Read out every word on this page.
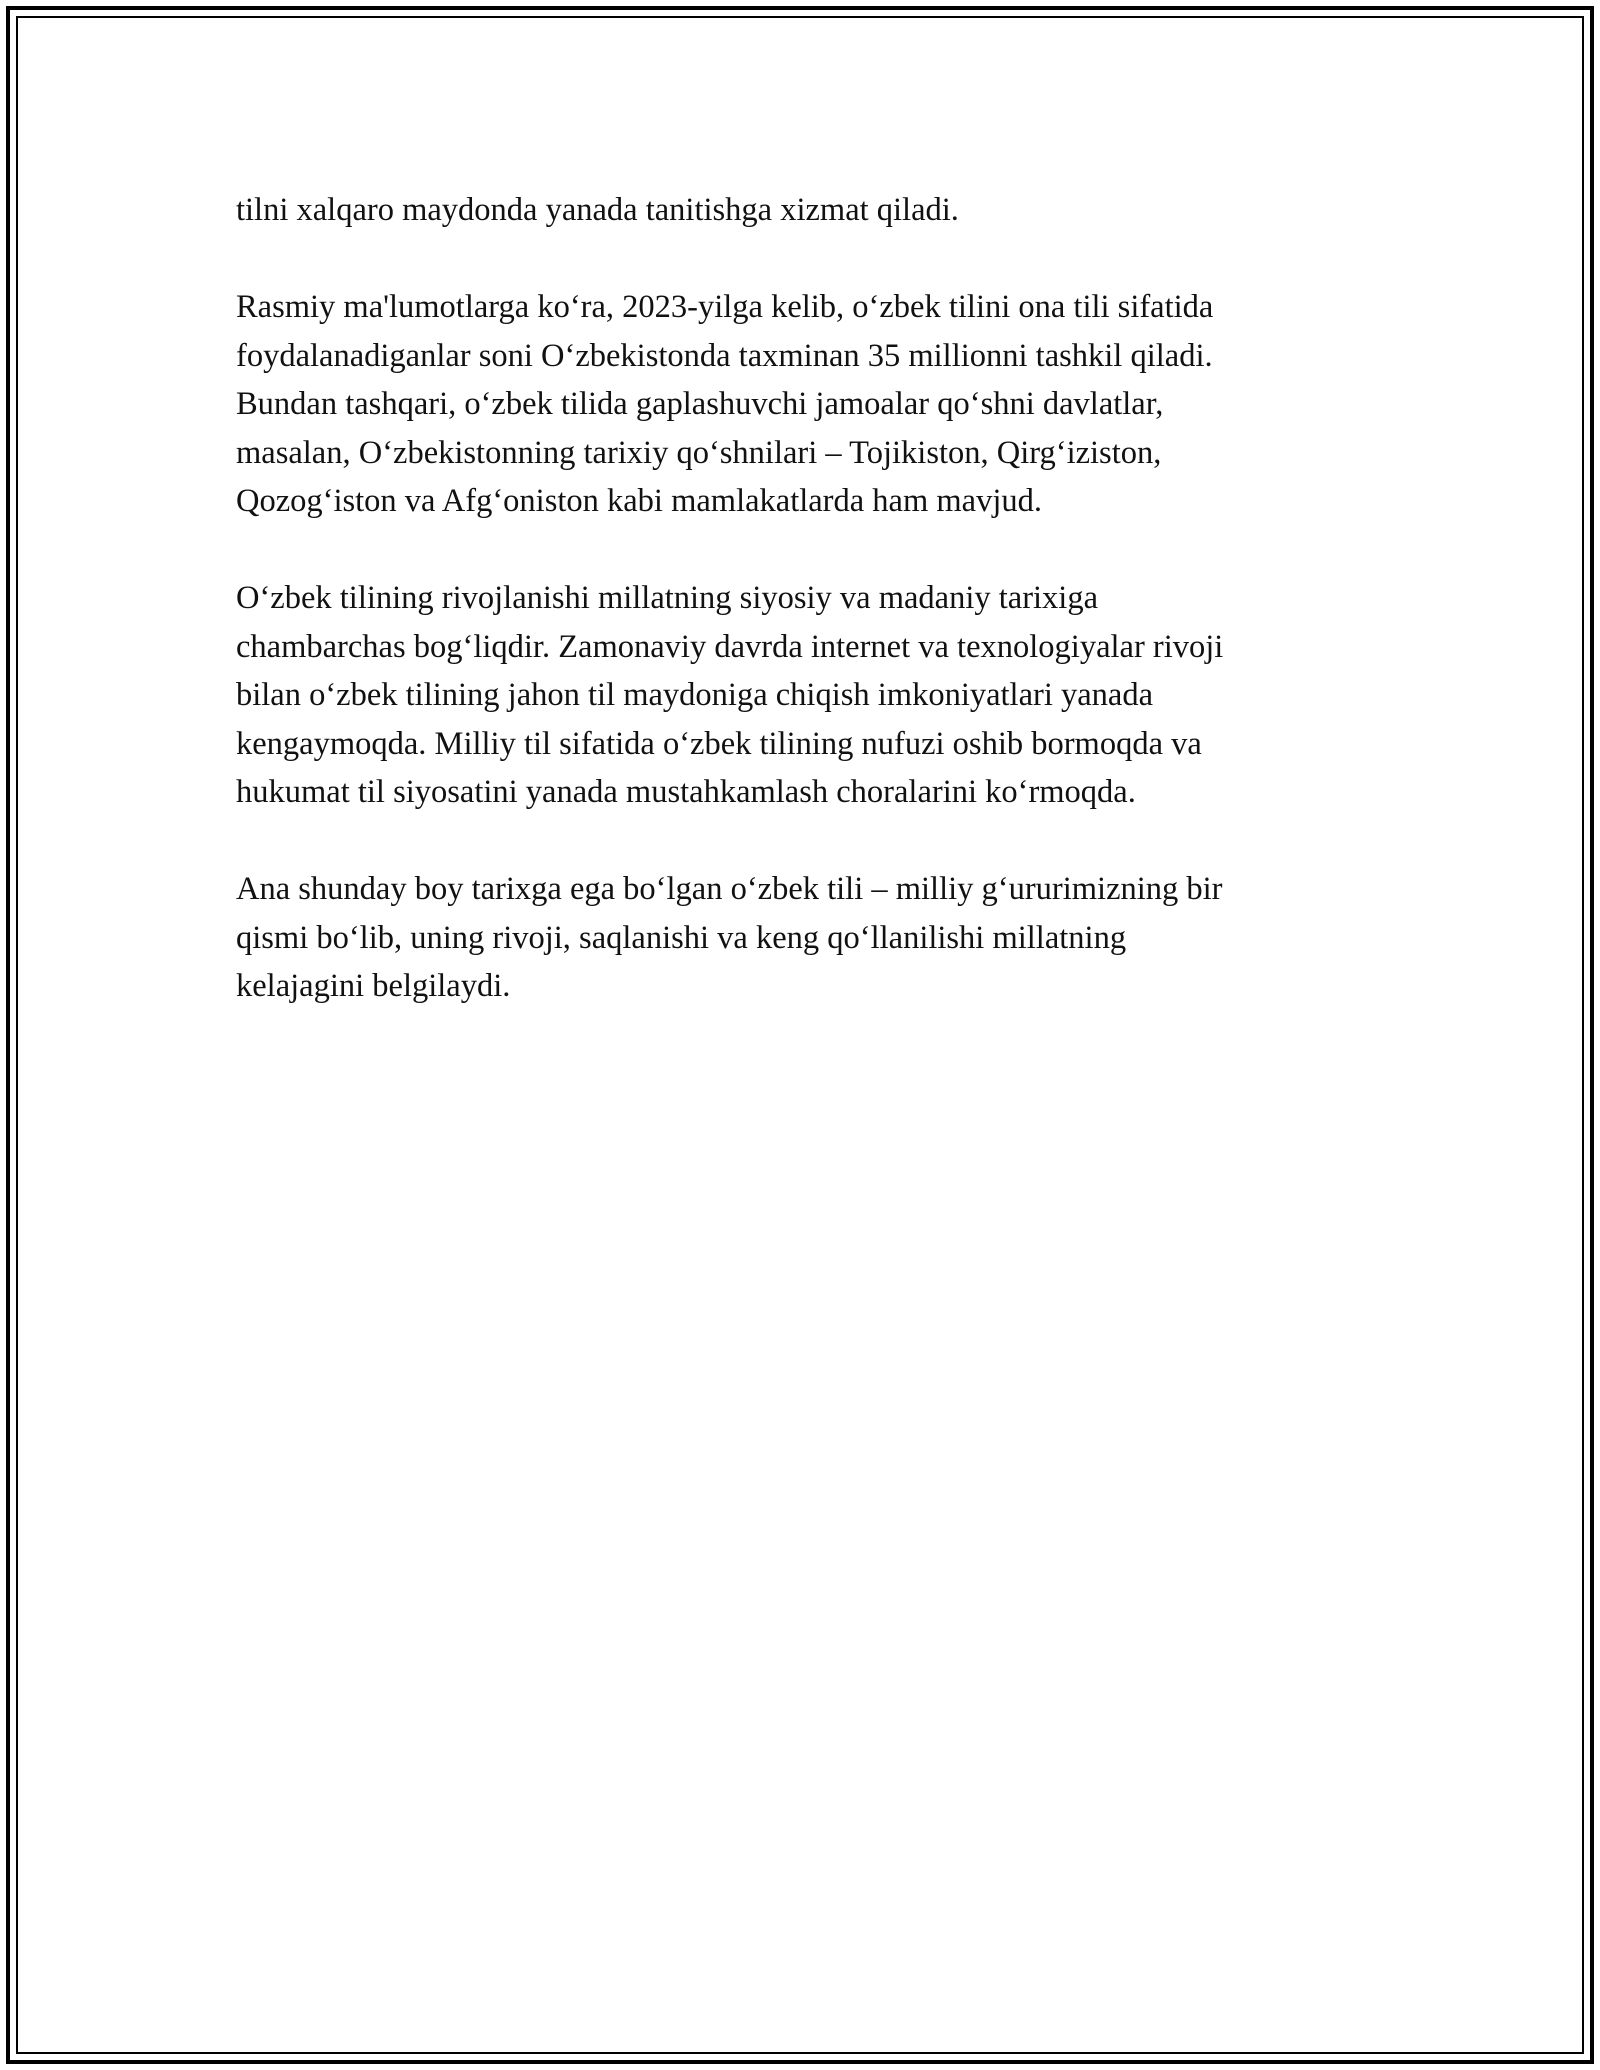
tilni xalqaro maydonda yanada tanitishga xizmat qiladi.

Rasmiy ma'lumotlarga ko‘ra, 2023-yilga kelib, o‘zbek tilini ona tili sifatida
foydalanadiganlar soni O‘zbekistonda taxminan 35 millionni tashkil qiladi.
Bundan tashqari, o‘zbek tilida gaplashuvchi jamoalar qo‘shni davlatlar,
masalan, O‘zbekistonning tarixiy qo‘shnilari – Tojikiston, Qirg‘iziston,
Qozog‘iston va Afg‘oniston kabi mamlakatlarda ham mavjud.

O‘zbek tilining rivojlanishi millatning siyosiy va madaniy tarixiga
chambarchas bog‘liqdir. Zamonaviy davrda internet va texnologiyalar rivoji
bilan o‘zbek tilining jahon til maydoniga chiqish imkoniyatlari yanada
kengaymoqda. Milliy til sifatida o‘zbek tilining nufuzi oshib bormoqda va
hukumat til siyosatini yanada mustahkamlash choralarini ko‘rmoqda.

Ana shunday boy tarixga ega bo‘lgan o‘zbek tili – milliy g‘ururimizning bir
qismi bo‘lib, uning rivoji, saqlanishi va keng qo‘llanilishi millatning
kelajagini belgilaydi.
